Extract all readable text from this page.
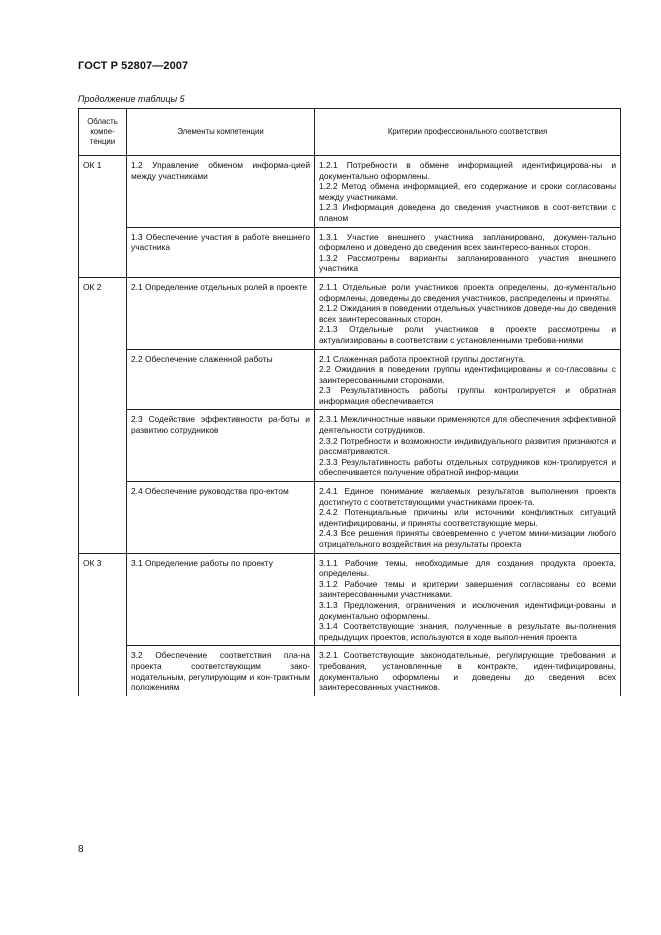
ГОСТ Р 52807—2007
Продолжение таблицы 5
Область компе-тенции	Элементы компетенции	Критерии профессионального соответствия
ОК 1	1.2 Управление обменом информа-цией между участниками	1.2.1 Потребности в обмене информацией идентифицирова-ны и документально оформлены.
1.2.2 Метод обмена информацией, его содержание и сроки согласованы между участниками.
1.2.3 Информация доведена до сведения участников в соот-ветствии с планом

	1.3 Обеспечение участия в работе внешнего участника	1.3.1 Участие внешнего участника запланировано, докумен-тально оформлено и доведено до сведения всех заинтересо-ванных сторон.
1.3.2 Рассмотрены варианты запланированного участия внешнего участника

ОК 2	2.1 Определение отдельных ролей в проекте	2.1.1 Отдельные роли участников проекта определены, до-кументально оформлены, доведены до сведения участников, распределены и приняты.
2.1.2 Ожидания в поведении отдельных участников доведе-ны до сведения всех заинтересованных сторон.
2.1.3 Отдельные роли участников в проекте рассмотрены и актуализированы в соответствии с установленными требова-ниями

	2.2 Обеспечение слаженной работы	2.1 Слаженная работа проектной группы достигнута.
2.2 Ожидания в поведении группы идентифицированы и со-гласованы с заинтересованными сторонами.
2.3 Результативность работы группы контролируется и обратная информация обеспечивается

	2.3 Содействие эффективности ра-боты и развитию сотрудников	2.3.1 Межличностные навыки применяются для обеспечения эффективной деятельности сотрудников.
2.3.2 Потребности и возможности индивидуального развития признаются и рассматриваются.
2.3.3 Результативность работы отдельных сотрудников кон-тролируется и обеспечивается получение обратной инфор-мации

	2.4 Обеспечение руководства про-ектом	2.4.1 Единое понимание желаемых результатов выполнения проекта достигнуто с соответствующими участниками проек-та.
2.4.2 Потенциальные причины или источники конфликтных ситуаций идентифицированы, и приняты соответствующие меры.
2.4.3 Все решения приняты своевременно с учетом мини-мизации любого отрицательного воздействия на результаты проекта

ОК 3	3.1 Определение работы по проекту	3.1.1 Рабочие темы, необходимые для создания продукта проекта, определены.
3.1.2 Рабочие темы и критерии завершения согласованы со всеми заинтересованными участниками.
3.1.3 Предложения, ограничения и исключения идентифици-рованы и документально оформлены.
3.1.4 Соответствующие знания, полученные в результате вы-полнения предыдущих проектов, используются в ходе выпол-нения проекта

	3.2 Обеспечение соответствия пла-на проекта соответствующим зако-нодательным, регулирующим и кон-трактным положениям	3.2.1 Соответствующие законодательные, регулирующие требования и требования, установленные в контракте, иден-тифицированы, документально оформлены и доведены до сведения всех заинтересованных участников.
8
